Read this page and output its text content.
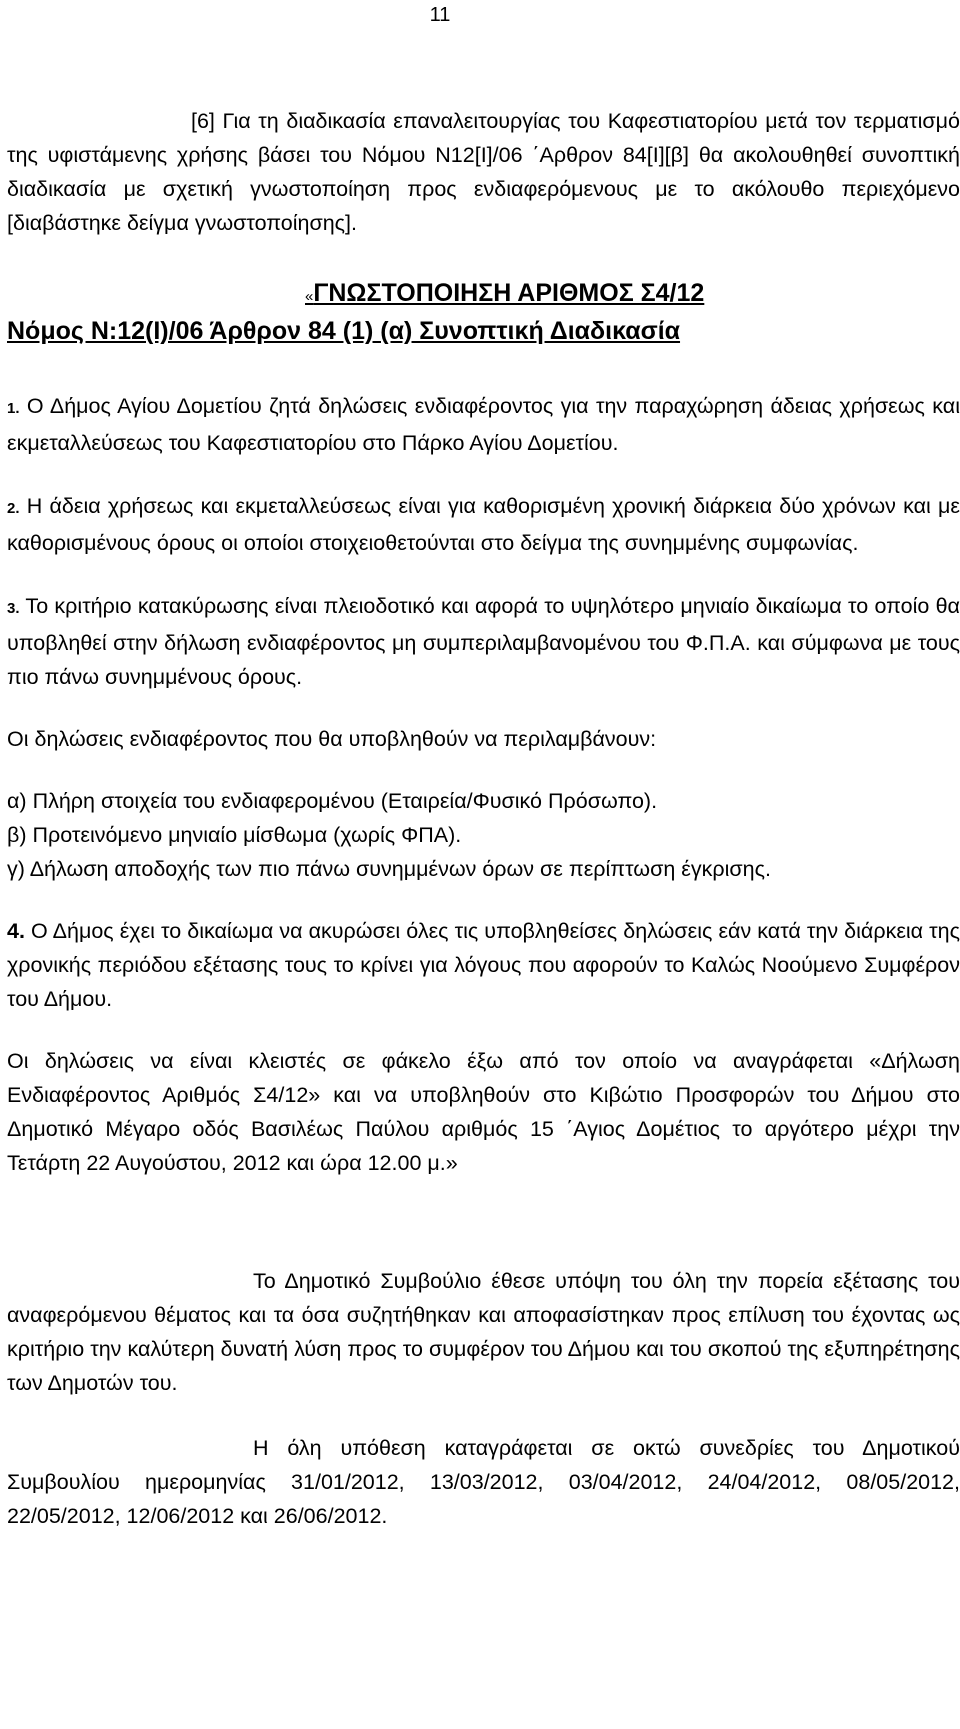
11

[6] Για τη διαδικασία επαναλειτουργίας του Καφεστιατορίου μετά τον τερματισμό της υφιστάμενης χρήσης βάσει του Νόμου Ν12[Ι]/06 ΄Αρθρον 84[Ι][β] θα ακολουθηθεί συνοπτική διαδικασία με σχετική γνωστοποίηση προς ενδιαφερόμενους με το ακόλουθο περιεχόμενο [διαβάστηκε δείγμα γνωστοποίησης].

«ΓΝΩΣΤΟΠΟΙΗΣΗ ΑΡΙΘΜΟΣ Σ4/12
Νόμος Ν:12(Ι)/06 Άρθρον 84 (1) (α) Συνοπτική Διαδικασία

1. Ο Δήμος Αγίου Δομετίου ζητά δηλώσεις ενδιαφέροντος για την παραχώρηση άδειας χρήσεως και εκμεταλλεύσεως του Καφεστιατορίου στο Πάρκο Αγίου Δομετίου.

2. Η άδεια χρήσεως και εκμεταλλεύσεως είναι για καθορισμένη χρονική διάρκεια δύο χρόνων και με καθορισμένους όρους οι οποίοι στοιχειοθετούνται στο δείγμα της συνημμένης συμφωνίας.

3. Το κριτήριο κατακύρωσης είναι πλειοδοτικό και αφορά το υψηλότερο μηνιαίο δικαίωμα το οποίο θα υποβληθεί στην δήλωση ενδιαφέροντος μη συμπεριλαμβανομένου του Φ.Π.Α. και σύμφωνα με τους πιο πάνω συνημμένους όρους.

Οι δηλώσεις ενδιαφέροντος που θα υποβληθούν να περιλαμβάνουν:

α) Πλήρη στοιχεία του ενδιαφερομένου (Εταιρεία/Φυσικό Πρόσωπο).

β) Προτεινόμενο μηνιαίο μίσθωμα (χωρίς ΦΠΑ).

γ) Δήλωση αποδοχής των πιο πάνω συνημμένων όρων σε περίπτωση έγκρισης.

4. Ο Δήμος έχει το δικαίωμα να ακυρώσει όλες τις υποβληθείσες δηλώσεις εάν κατά την διάρκεια της χρονικής περιόδου εξέτασης τους το κρίνει για λόγους που αφορούν το Καλώς Νοούμενο Συμφέρον του Δήμου.

Οι δηλώσεις να είναι κλειστές σε φάκελο έξω από τον οποίο να αναγράφεται «Δήλωση Ενδιαφέροντος Αριθμός Σ4/12» και να υποβληθούν στο Κιβώτιο Προσφορών του Δήμου στο Δημοτικό Μέγαρο οδός Βασιλέως Παύλου αριθμός 15 ΄Αγιος Δομέτιος το αργότερο μέχρι την Τετάρτη 22 Αυγούστου, 2012 και ώρα 12.00 μ.»

Το Δημοτικό Συμβούλιο έθεσε υπόψη του όλη την πορεία εξέτασης του αναφερόμενου θέματος και τα όσα συζητήθηκαν και αποφασίστηκαν προς επίλυση του έχοντας ως κριτήριο την καλύτερη δυνατή λύση προς το συμφέρον του Δήμου και του σκοπού της εξυπηρέτησης των Δημοτών του.

Η όλη υπόθεση καταγράφεται σε οκτώ συνεδρίες του Δημοτικού Συμβουλίου ημερομηνίας 31/01/2012, 13/03/2012, 03/04/2012, 24/04/2012, 08/05/2012, 22/05/2012, 12/06/2012 και 26/06/2012.
